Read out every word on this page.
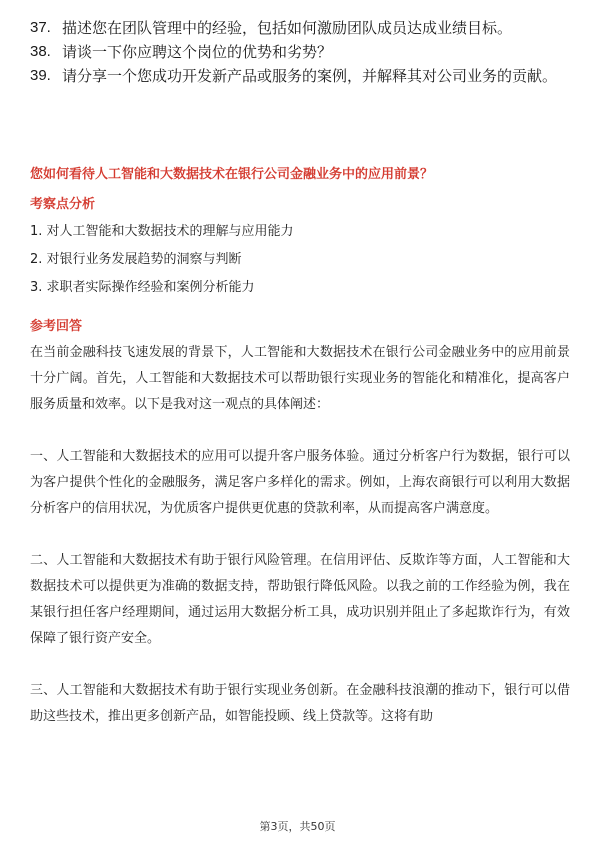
37. 描述您在团队管理中的经验，包括如何激励团队成员达成业绩目标。
38. 请谈一下你应聘这个岗位的优势和劣势？
39. 请分享一个您成功开发新产品或服务的案例，并解释其对公司业务的贡献。
您如何看待人工智能和大数据技术在银行公司金融业务中的应用前景？
考察点分析
1. 对人工智能和大数据技术的理解与应用能力
2. 对银行业务发展趋势的洞察与判断
3. 求职者实际操作经验和案例分析能力
参考回答
在当前金融科技飞速发展的背景下，人工智能和大数据技术在银行公司金融业务中的应用前景十分广阔。首先，人工智能和大数据技术可以帮助银行实现业务的智能化和精准化，提高客户服务质量和效率。以下是我对这一观点的具体阐述：
一、人工智能和大数据技术的应用可以提升客户服务体验。通过分析客户行为数据，银行可以为客户提供个性化的金融服务，满足客户多样化的需求。例如，上海农商银行可以利用大数据分析客户的信用状况，为优质客户提供更优惠的贷款利率，从而提高客户满意度。
二、人工智能和大数据技术有助于银行风险管理。在信用评估、反欺诈等方面，人工智能和大数据技术可以提供更为准确的数据支持，帮助银行降低风险。以我之前的工作经验为例，我在某银行担任客户经理期间，通过运用大数据分析工具，成功识别并阻止了多起欺诈行为，有效保障了银行资产安全。
三、人工智能和大数据技术有助于银行实现业务创新。在金融科技浪潮的推动下，银行可以借助这些技术，推出更多创新产品，如智能投顾、线上贷款等。这将有助
第3页，共50页
